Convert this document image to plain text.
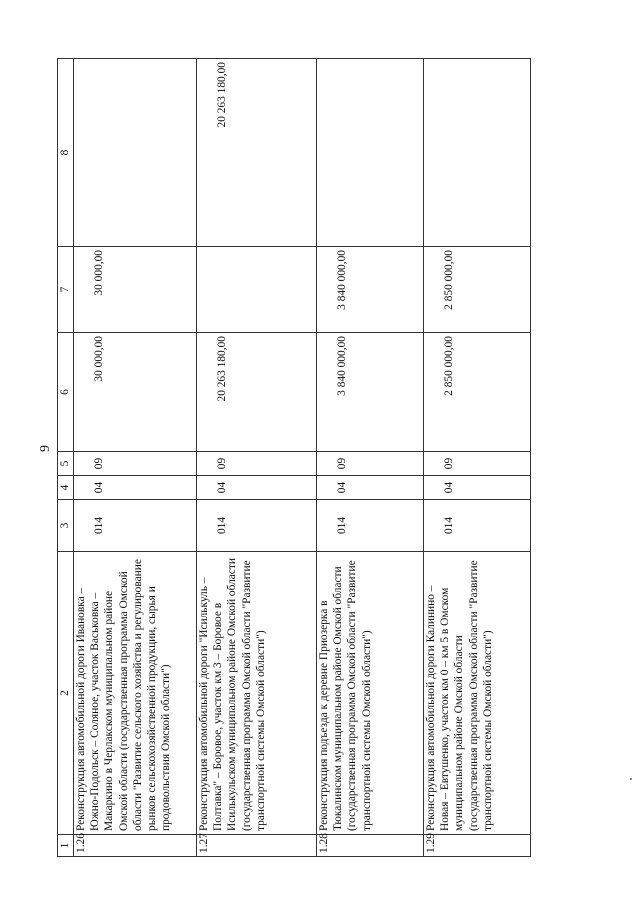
9
1	2	3	4	5	6	7	8
1.26	Реконструкция автомобильной дороги Ивановка – Южно-Подольск – Соляное, участок Васьковка – Макаркино в Черлакском муниципальном районе Омской области (государственная программа Омской области "Развитие сельского хозяйства и регулирование рынков сельскохозяйственной продукции, сырья и продовольствия Омской области")	014	04	09	30 000,00	30 000,00	
1.27	Реконструкция автомобильной дороги "Исилькуль – Полтавка" – Боровое, участок км 3 – Боровое в Исилькульском муниципальном районе Омской области (государственная программа Омской области "Развитие транспортной системы Омской области")	014	04	09	20 263 180,00		20 263 180,00
1.28	Реконструкция подъезда к деревне Приозерка в Тюкалинском муниципальном районе Омской области (государственная программа Омской области "Развитие транспортной системы Омской области")	014	04	09	3 840 000,00	3 840 000,00	
1.29	Реконструкция автомобильной дороги Калинино – Новая – Евтушенко, участок км 0 – км 5 в Омском муниципальном районе Омской области (государственная программа Омской области "Развитие транспортной системы Омской области")	014	04	09	2 850 000,00	2 850 000,00	
